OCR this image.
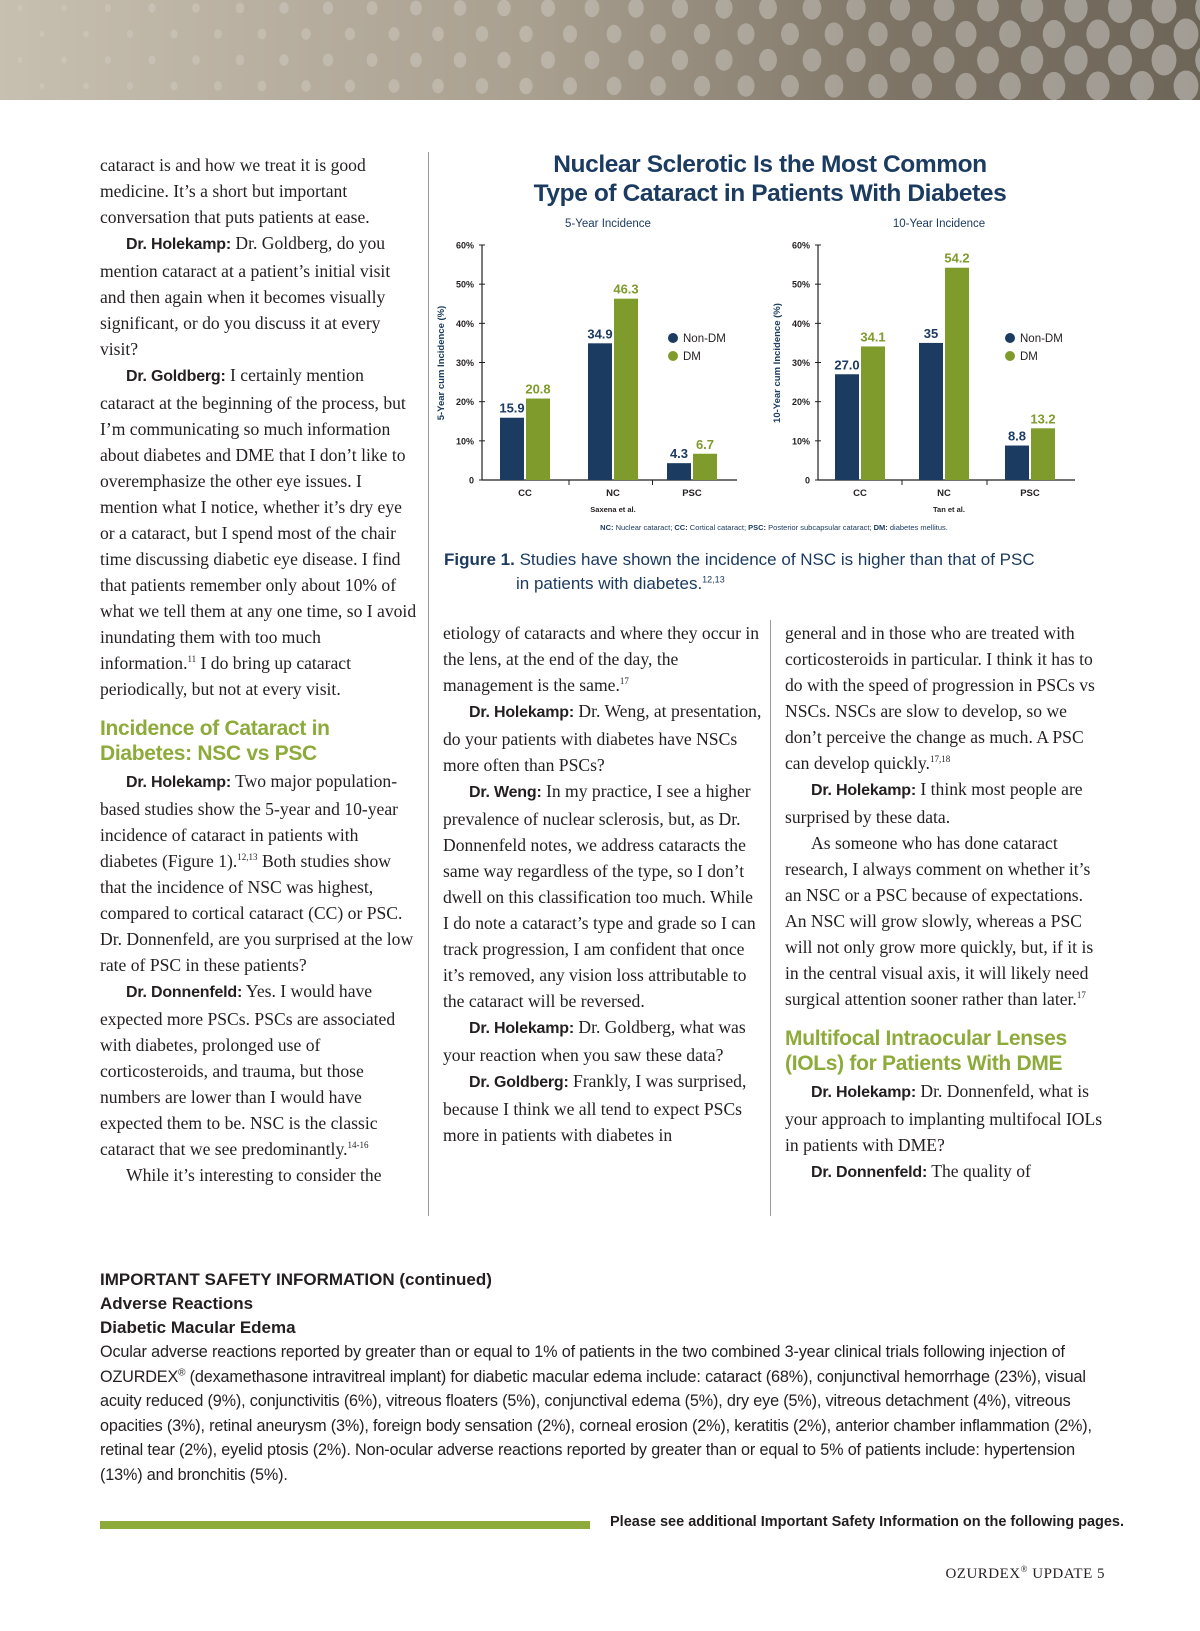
cataract is and how we treat it is good medicine. It’s a short but important conversation that puts patients at ease.

Dr. Holekamp: Dr. Goldberg, do you mention cataract at a patient’s initial visit and then again when it becomes visually significant, or do you discuss it at every visit?

Dr. Goldberg: I certainly mention cataract at the beginning of the process, but I’m communicating so much information about diabetes and DME that I don’t like to overemphasize the other eye issues. I mention what I notice, whether it’s dry eye or a cataract, but I spend most of the chair time discussing diabetic eye disease. I find that patients remember only about 10% of what we tell them at any one time, so I avoid inundating them with too much information.$^{11}$ I do bring up cataract periodically, but not at every visit.

Incidence of Cataract in Diabetes: NSC vs PSC

Dr. Holekamp: Two major population-based studies show the 5-year and 10-year incidence of cataract in patients with diabetes (Figure 1).$^{12,13}$ Both studies show that the incidence of NSC was highest, compared to cortical cataract (CC) or PSC. Dr. Donnenfeld, are you surprised at the low rate of PSC in these patients?

Dr. Donnenfeld: Yes. I would have expected more PSCs. PSCs are associated with diabetes, prolonged use of corticosteroids, and trauma, but those numbers are lower than I would have expected them to be. NSC is the classic cataract that we see predominantly.$^{14-16}$

While it’s interesting to consider the

Nuclear Sclerotic Is the Most Common
Type of Cataract in Patients With Diabetes
NC: Nuclear cataract; CC: Cortical cataract; PSC: Posterior subcapsular cataract; DM: diabetes mellitus.
5-Year Incidence
5-Year cum Incidence (%)
0
10%
20%
30%
40%
50%
60%
CC
15.9
20.8
NC
34.9
46.3
PSC
4.3
6.7
Non-DM
DM
Saxena et al.
10-Year Incidence
10-Year cum Incidence (%)
0
10%
20%
30%
40%
50%
60%
CC
27.0
34.1
NC
35
54.2
PSC
8.8
13.2
Non-DM
DM
Tan et al.
Figure 1. Studies have shown the incidence of NSC is higher than that of PSC
in patients with diabetes.$^{12,13}$

etiology of cataracts and where they occur in the lens, at the end of the day, the management is the same.$^{17}$

Dr. Holekamp: Dr. Weng, at presentation, do your patients with diabetes have NSCs more often than PSCs?

Dr. Weng: In my practice, I see a higher prevalence of nuclear sclerosis, but, as Dr. Donnenfeld notes, we address cataracts the same way regardless of the type, so I don’t dwell on this classification too much. While I do note a cataract’s type and grade so I can track progression, I am confident that once it’s removed, any vision loss attributable to the cataract will be reversed.

Dr. Holekamp: Dr. Goldberg, what was your reaction when you saw these data?

Dr. Goldberg: Frankly, I was surprised, because I think we all tend to expect PSCs more in patients with diabetes in

general and in those who are treated with corticosteroids in particular. I think it has to do with the speed of progression in PSCs vs NSCs. NSCs are slow to develop, so we don’t perceive the change as much. A PSC can develop quickly.$^{17,18}$

Dr. Holekamp: I think most people are surprised by these data.

As someone who has done cataract research, I always comment on whether it’s an NSC or a PSC because of expectations. An NSC will grow slowly, whereas a PSC will not only grow more quickly, but, if it is in the central visual axis, it will likely need surgical attention sooner rather than later.$^{17}$

Multifocal Intraocular Lenses (IOLs) for Patients With DME

Dr. Holekamp: Dr. Donnenfeld, what is your approach to implanting multifocal IOLs in patients with DME?

Dr. Donnenfeld: The quality of

IMPORTANT SAFETY INFORMATION (continued)
Adverse Reactions
Diabetic Macular Edema
Ocular adverse reactions reported by greater than or equal to 1% of patients in the two combined 3-year clinical trials following injection of OZURDEX® (dexamethasone intravitreal implant) for diabetic macular edema include: cataract (68%), conjunctival hemorrhage (23%), visual acuity reduced (9%), conjunctivitis (6%), vitreous floaters (5%), conjunctival edema (5%), dry eye (5%), vitreous detachment (4%), vitreous opacities (3%), retinal aneurysm (3%), foreign body sensation (2%), corneal erosion (2%), keratitis (2%), anterior chamber inflammation (2%), retinal tear (2%), eyelid ptosis (2%). Non-ocular adverse reactions reported by greater than or equal to 5% of patients include: hypertension (13%) and bronchitis (5%).
Please see additional Important Safety Information on the following pages.
OZURDEX® UPDATE 5
